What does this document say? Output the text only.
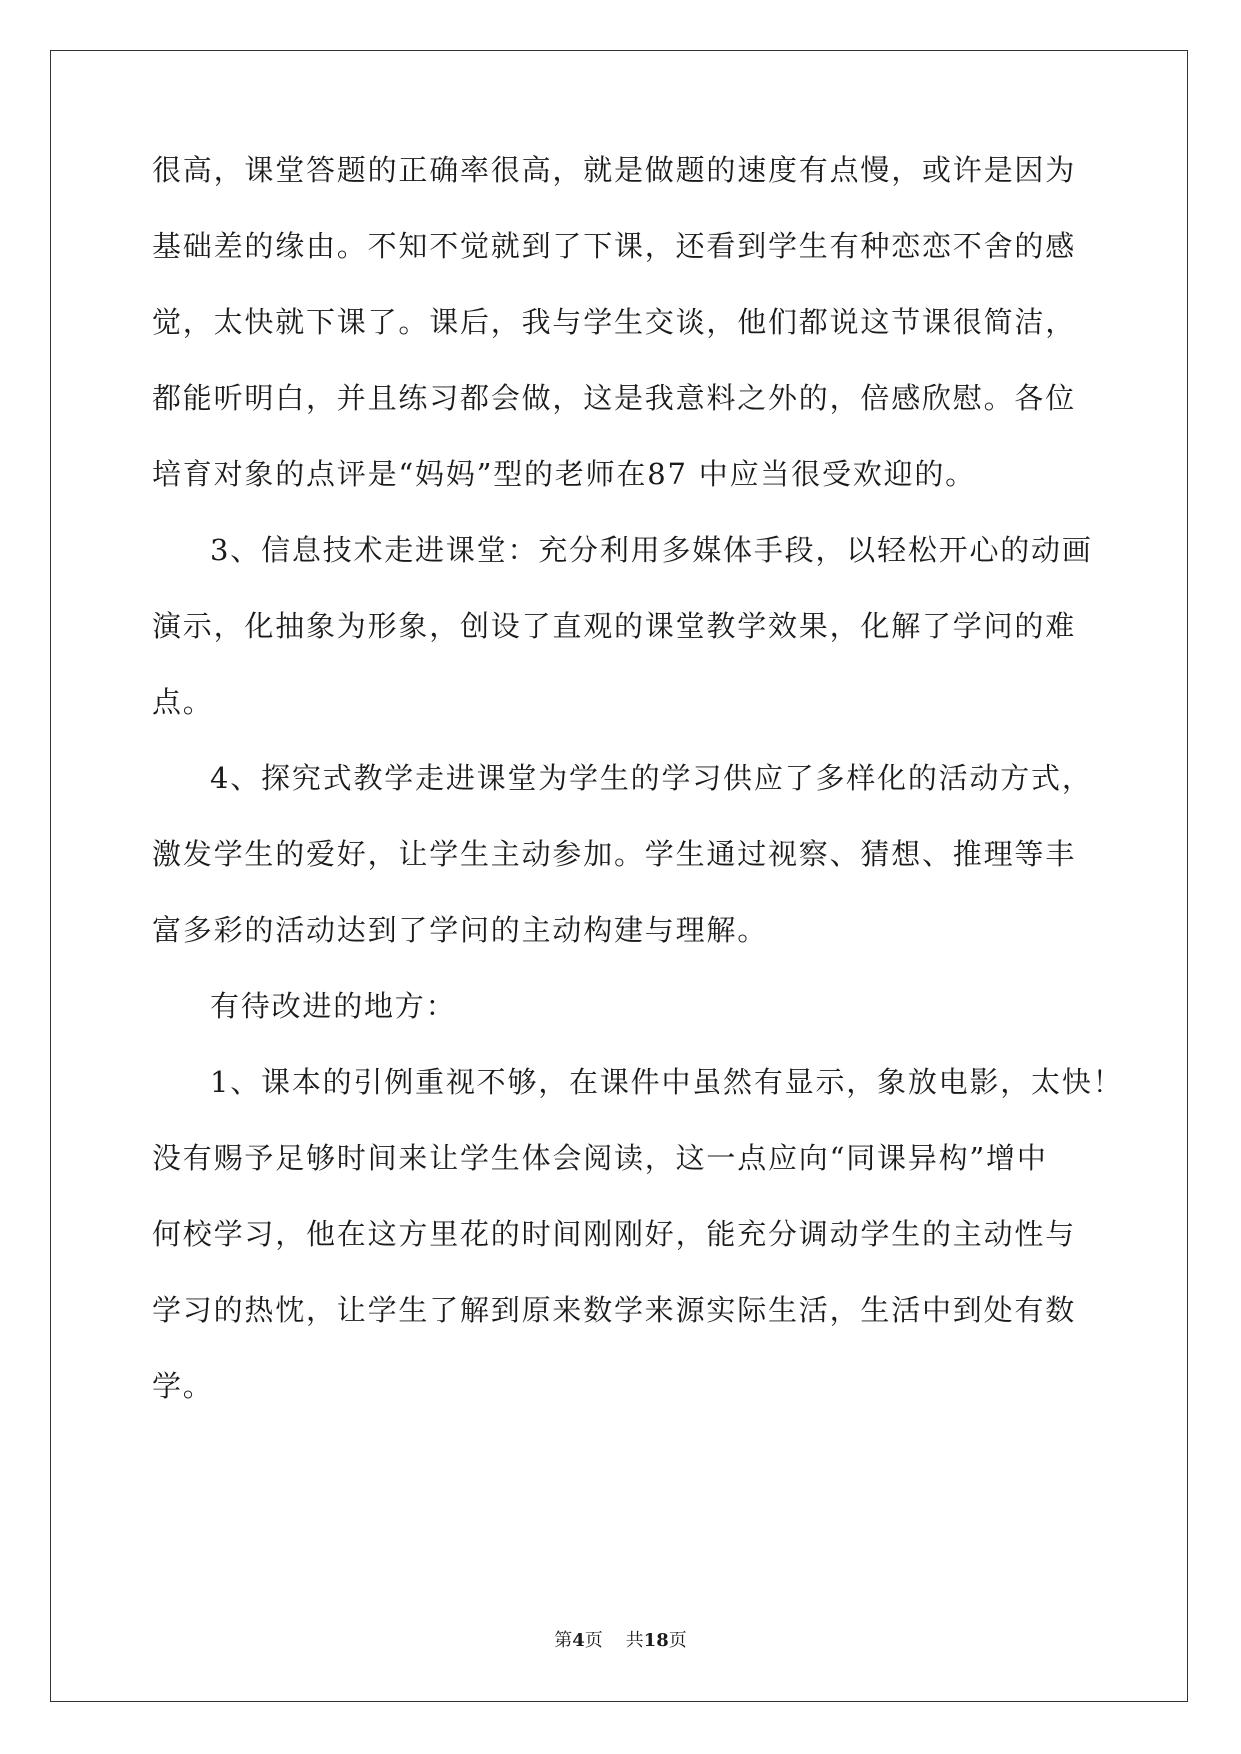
很高，课堂答题的正确率很高，就是做题的速度有点慢，或许是因为
基础差的缘由。不知不觉就到了下课，还看到学生有种恋恋不舍的感
觉，太快就下课了。课后，我与学生交谈，他们都说这节课很简洁，
都能听明白，并且练习都会做，这是我意料之外的，倍感欣慰。各位
培育对象的点评是“妈妈”型的老师在87 中应当很受欢迎的。
3、信息技术走进课堂：充分利用多媒体手段，以轻松开心的动画
演示，化抽象为形象，创设了直观的课堂教学效果，化解了学问的难
点。
4、探究式教学走进课堂为学生的学习供应了多样化的活动方式，
激发学生的爱好，让学生主动参加。学生通过视察、猜想、推理等丰
富多彩的活动达到了学问的主动构建与理解。
有待改进的地方：
1、课本的引例重视不够，在课件中虽然有显示，象放电影，太快！
没有赐予足够时间来让学生体会阅读，这一点应向“同课异构”增中
何校学习，他在这方里花的时间刚刚好，能充分调动学生的主动性与
学习的热忱，让学生了解到原来数学来源实际生活，生活中到处有数
学。
第4页 共18页
